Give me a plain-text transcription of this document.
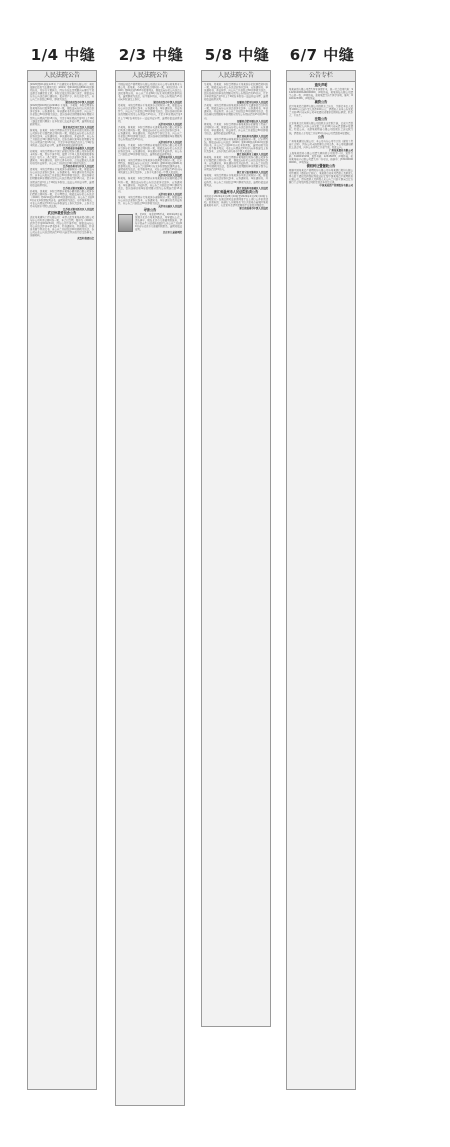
1/4 中缝
人民法院公告
[2020]鄂01执恢123号 广东建设实业集团有限公司：本院依据已经发生法律效力的（2019）鄂0102民初8841号民事判决书，对你方立案执行。因你方在法定期限内未履行生效法律文书确定的义务，本院已依法作出执行裁定，现依法向你方公告送达执行通知书、报告财产令、执行裁定书等。自公告之日起经过60日，即视为送达。
湖北省武汉市中级人民法院
[2020]鄂0103民初2296号 王某某、李某某：本院受理原告张某某诉你们民间借贷纠纷一案，现依法向你们公告送达起诉状副本、应诉通知书、举证通知书及开庭传票。自公告之日起经过30日即视为送达。提出答辩状的期限和举证期限分别为公告期满后的15日内。并定于举证期满后第3日上午9时（遇法定假日顺延）在本院第七法庭开庭审理，逾期将依法缺席判决。
湖北省武汉市江汉区人民法院
陈某某、赵某某：本院受理原告武汉农村商业银行股份有限公司诉你们金融借款合同纠纷一案，现依法向你们公告送达起诉状副本、应诉通知书、举证通知书、开庭传票。自公告之日起经过30日即视为送达。提出答辩状和举证的期限分别为公告期满后的15日内，并定于举证期满后次日上午9时在本院第三法庭开庭审理，逾期本院将依法缺席裁判。
江苏省南京市秦淮区人民法院
刘某某：本院受理原告中国工商银行股份有限公司诉你信用卡纠纷一案，因你下落不明，依照《中华人民共和国民事诉讼法》第九十二条之规定，向你公告送达起诉状副本、应诉通知书、举证通知书、权利义务告知书、合议庭组成人员通知书及开庭传票。自公告之日起经过30日即视为送达。
江苏省苏州市吴中区人民法院
周某某：本院受理原告吴某某诉你离婚纠纷一案，现依法向你公告送达起诉状副本、应诉通知书、举证通知书及开庭传票。自本公告发出之日起经过30日即视为送达。提出答辩状的期限和举证期限分别为公告送达期满后的15日内。定于举证期满后第3日上午9时在本院第二法庭公开开庭审理，逾期将依法缺席判决。
江苏省无锡市梁溪区人民法院
孙某某、钱某某：本院受理原告某某小额贷款有限公司诉你们借款合同纠纷一案，已审理终结。现依法向你们公告送达（2020）苏0214民初3345号民事判决书。自公告之日起60日内来本院领取判决书，逾期则视为送达。如不服本判决，可在公告期满后15日内向本院递交上诉状及副本，上诉于江苏省无锡市中级人民法院。
江苏省无锡市新吴区人民法院
武汉仲裁委员会公告
湖北某某建筑工程有限公司：申请人武汉某某商贸有限公司与你公司买卖合同纠纷一案，本会已受理，案号为（2020）武仲受字第001234号。因你公司下落不明，现依法向你公司公告送达仲裁申请书副本、仲裁通知书、仲裁规则、仲裁员名册等仲裁文书。自公告之日起经过60日即视为送达。你公司应在公告送达期满后15日内选定仲裁员并提交答辩书、证据材料。
武汉仲裁委员会
2/3 中缝
人民法院公告
中国长城资产管理股份有限公司湖北省分公司与某某置业有限公司、张某某、李某某借款合同纠纷一案，本院已作出（2020）鄂01民初5567号民事判决。现依法向你们公告送达上述民事判决书。自公告之日起60日内来本院领取民事判决书，逾期即视为送达。如不服本判决，可在公告期满后15日内向本院递交上诉状。
湖北省武汉市中级人民法院
郑某某：本院受理原告王某某诉你合同纠纷一案，现依法向你公告送达起诉状副本、应诉通知书、举证通知书、开庭传票等。自公告之日起经过30日即视为送达。提出答辩状和举证的期限分别为公告期满后15日内，并定于举证期满后第3日上午9时在本院第十一法庭开庭审理，逾期将依法缺席裁判。
天津市河西区人民法院
冯某某、陈某某：本院受理原告天津某某商贸有限公司诉你们买卖合同纠纷一案，现依法向你们公告送达起诉状副本、应诉通知书、举证通知书、开庭传票等诉讼文书。自公告之日起经过30日即视为送达。提出答辩状的期限和举证期限均为公告期满后的15日内。
天津市和平区人民法院
褚某某、卫某某：本院受理原告某某银行股份有限公司天津分行诉你们金融借款合同纠纷一案，现依法向你们公告送达起诉状副本、应诉通知书、举证通知书及开庭传票。自公告之日起经过30日即视为送达。逾期将依法缺席判决。
天津市南开区人民法院
蒋某某：本院受理原告沈某某诉你民间借贷纠纷一案，已审理终结。现依法向你公告送达（2020）津0104民初9981号民事判决书。自公告之日起60日内来本院领取民事判决书，逾期则视为送达。如不服本判决，可在公告期满后15日内向本院递交上诉状及副本，上诉于天津市第一中级人民法院。
天津市河北区人民法院
韩某某、杨某某：本院受理原告朱某某诉你们房屋租赁合同纠纷一案，现依法向你们公告送达起诉状副本、应诉通知书、举证通知书、开庭传票。自公告之日起经过30日即视为送达。提出答辩状和举证的期限分别为公告期满后的15日内。
天津市红桥区人民法院
秦某某：本院受理原告尤某某诉你离婚纠纷一案，现依法向你公告送达起诉状副本、应诉通知书、举证通知书及开庭传票。自公告之日起经过30日即视为送达。
天津市东丽区人民法院
寻亲公告
男，约2岁，身高约85厘米，2019年8月被发现于北京市某某区路边，身穿蓝色上衣、深色裤子。现在北京市儿童福利院抚养。请孩子的亲生父母或其他监护人自公告之日起60日内与北京市儿童福利院联系，逾期将依法安置。
北京市儿童福利院
5/8 中缝
人民法院公告
吴某某、郑某某：本院受理原告王某某诉你们民间借贷纠纷一案，现依法向你们公告送达起诉状副本、应诉通知书、举证通知书、开庭传票。自公告之日起经过30日即视为送达。提出答辩状和举证的期限分别为公告期满后的15日内，并定于举证期满后第3日上午9时在本院第一法庭开庭审理，逾期将依法缺席裁判。
安徽省合肥市包河区人民法院
冯某某：本院受理原告陈某某诉你机动车交通事故责任纠纷一案，现依法向你公告送达起诉状副本、应诉通知书、举证通知书、开庭传票。自公告之日起经过30日即视为送达。提出答辩状的期限和举证期限分别为公告期满后的15日和30日内。
安徽省合肥市蜀山区人民法院
褚某某、卫某某：本院受理原告蒋某某诉你们建设工程施工合同纠纷一案，现依法向你们公告送达起诉状副本、应诉通知书、举证通知书、开庭传票。自公告之日起经过30日即视为送达。逾期将依法缺席判决。
浙江省杭州市西湖区人民法院
沈某某：本院受理原告韩某某诉你离婚纠纷一案，已审理终结。现依法向你公告送达（2020）浙0106民初4412号民事判决书。自公告之日起60日内来本院领取，逾期则视为送达。如不服本判决，可在公告期满后15日内向本院递交上诉状及副本，上诉于浙江省杭州市中级人民法院。
浙江省杭州市上城区人民法院
杨某某、朱某某：本院受理原告某某银行股份有限公司诉你们金融借款合同纠纷一案，现依法向你们公告送达起诉状副本、应诉通知书、举证通知书及开庭传票。自公告之日起经过30日即视为送达。提出答辩状的期限和举证期限分别为公告期满后的15日内。
浙江省宁波市鄞州区人民法院
秦某某：本院受理原告许某某诉你买卖合同纠纷一案，现依法向你公告送达起诉状副本、应诉通知书、举证通知书、开庭传票。自公告之日起经过30日即视为送达。逾期将依法缺席判决。
浙江省温州市鹿城区人民法院
浙江省温州市人民法院拍卖公告
本院将于2020年9月28日10时至2020年9月29日10时止（延时除外）在淘宝网司法拍卖网络平台上进行公开拍卖活动，拍卖标的：被执行人何某某名下位于温州市鹿城区某某路某某号房产。有意竞买者请登录网络平台查看详细信息。
浙江省温州市中级人民法院
6/7 中缝
公告专栏
遗失声明
某某商贸有限公司遗失营业执照正本，统一社会信用代码：91420100MA4K000000，声明作废。某某科技有限公司遗失公章一枚，声明作废。张某某遗失出生医学证明，编号：R420123456，声明作废。
减资公告
武汉某某投资管理有限公司经股东会决议，注册资本由人民币1000万元减少至人民币100万元。请债权人自本公告见报之日起45日内向本公司申报债权或要求提供相应担保。联系人：王先生。
注销公告
北京某某文化传媒有限公司经股东决定拟注销，已成立清算组，请债权人自本公告见报之日起45日内向清算组申报债权。特此公告。天津某某物流有限公司经股东会决议拟注销，请债权人于见报之日起45日内向公司清算组申报债权。
公告
广州某某建设有限公司：本公司与你公司签订的《建设工程施工合同》，因你公司未按约履行合同义务，本公司现通知解除上述合同，自本公告刊登之日起生效。特此公告。
广州某某置业有限公司
上海某某贸易有限公司遗失增值税专用发票一份，发票代码：3100193130，发票号码：12345678，声明作废。杭州某某电子有限公司遗失开户许可证，核准号：J3310000000001，声明作废。
债权转让暨催收公告
根据中国某某资产管理股份有限公司与某某银行股份有限公司签署的《债权转让协议》，某某银行将其对借款人及担保人享有的主债权及担保权利依法转让给中国某某资产管理股份有限公司。请各债务人及担保人从公告之日起立即向受让方履行主合同及担保合同约定的还本付息义务。
中国某某资产管理股份有限公司
